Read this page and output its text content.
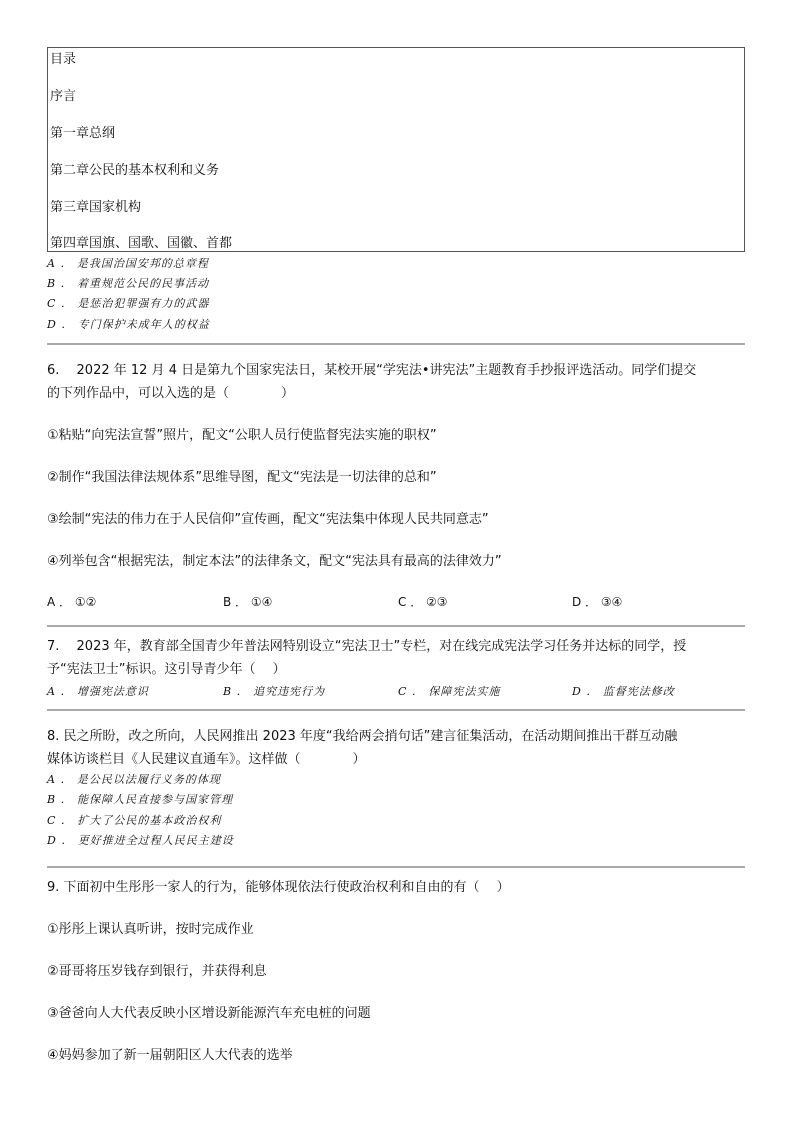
目录
序言
第一章总纲
第二章公民的基本权利和义务
第三章国家机构
第四章国旗、国歌、国徽、首都
A ． 是我国治国安邦的总章程
B ． 着重规范公民的民事活动
C ． 是惩治犯罪强有力的武器
D ． 专门保护未成年人的权益
6.　 2022 年 12 月 4 日是第九个国家宪法日，某校开展“学宪法•讲宪法”主题教育手抄报评选活动。同学们提交
的下列作品中，可以入选的是（　　　　）
①粘贴“向宪法宣誓”照片，配文“公职人员行使监督宪法实施的职权”
②制作“我国法律法规体系”思维导图，配文“宪法是一切法律的总和”
③绘制“宪法的伟力在于人民信仰”宣传画，配文“宪法集中体现人民共同意志”
④列举包含“根据宪法，制定本法”的法律条文，配文“宪法具有最高的法律效力”
A ． ①②	B ． ①④	C ． ②③	D ． ③④
7.　 2023 年，教育部全国青少年普法网特别设立“宪法卫士”专栏，对在线完成宪法学习任务并达标的同学，授
予“宪法卫士”标识。这引导青少年（　 ）
A ． 增强宪法意识	B ． 追究违宪行为	C ． 保障宪法实施	D ． 监督宪法修改
8. 民之所盼，改之所向，人民网推出 2023 年度“我给两会捎句话”建言征集活动，在活动期间推出干群互动融
媒体访谈栏目《人民建议直通车》。这样做（　　　　）
A ． 是公民以法履行义务的体现
B ． 能保障人民直接参与国家管理
C ． 扩大了公民的基本政治权利
D ． 更好推进全过程人民民主建设
9. 下面初中生彤彤一家人的行为，能够体现依法行使政治权利和自由的有（　 ）
①彤彤上课认真听讲，按时完成作业
②哥哥将压岁钱存到银行，并获得利息
③爸爸向人大代表反映小区增设新能源汽车充电桩的问题
④妈妈参加了新一届朝阳区人大代表的选举
